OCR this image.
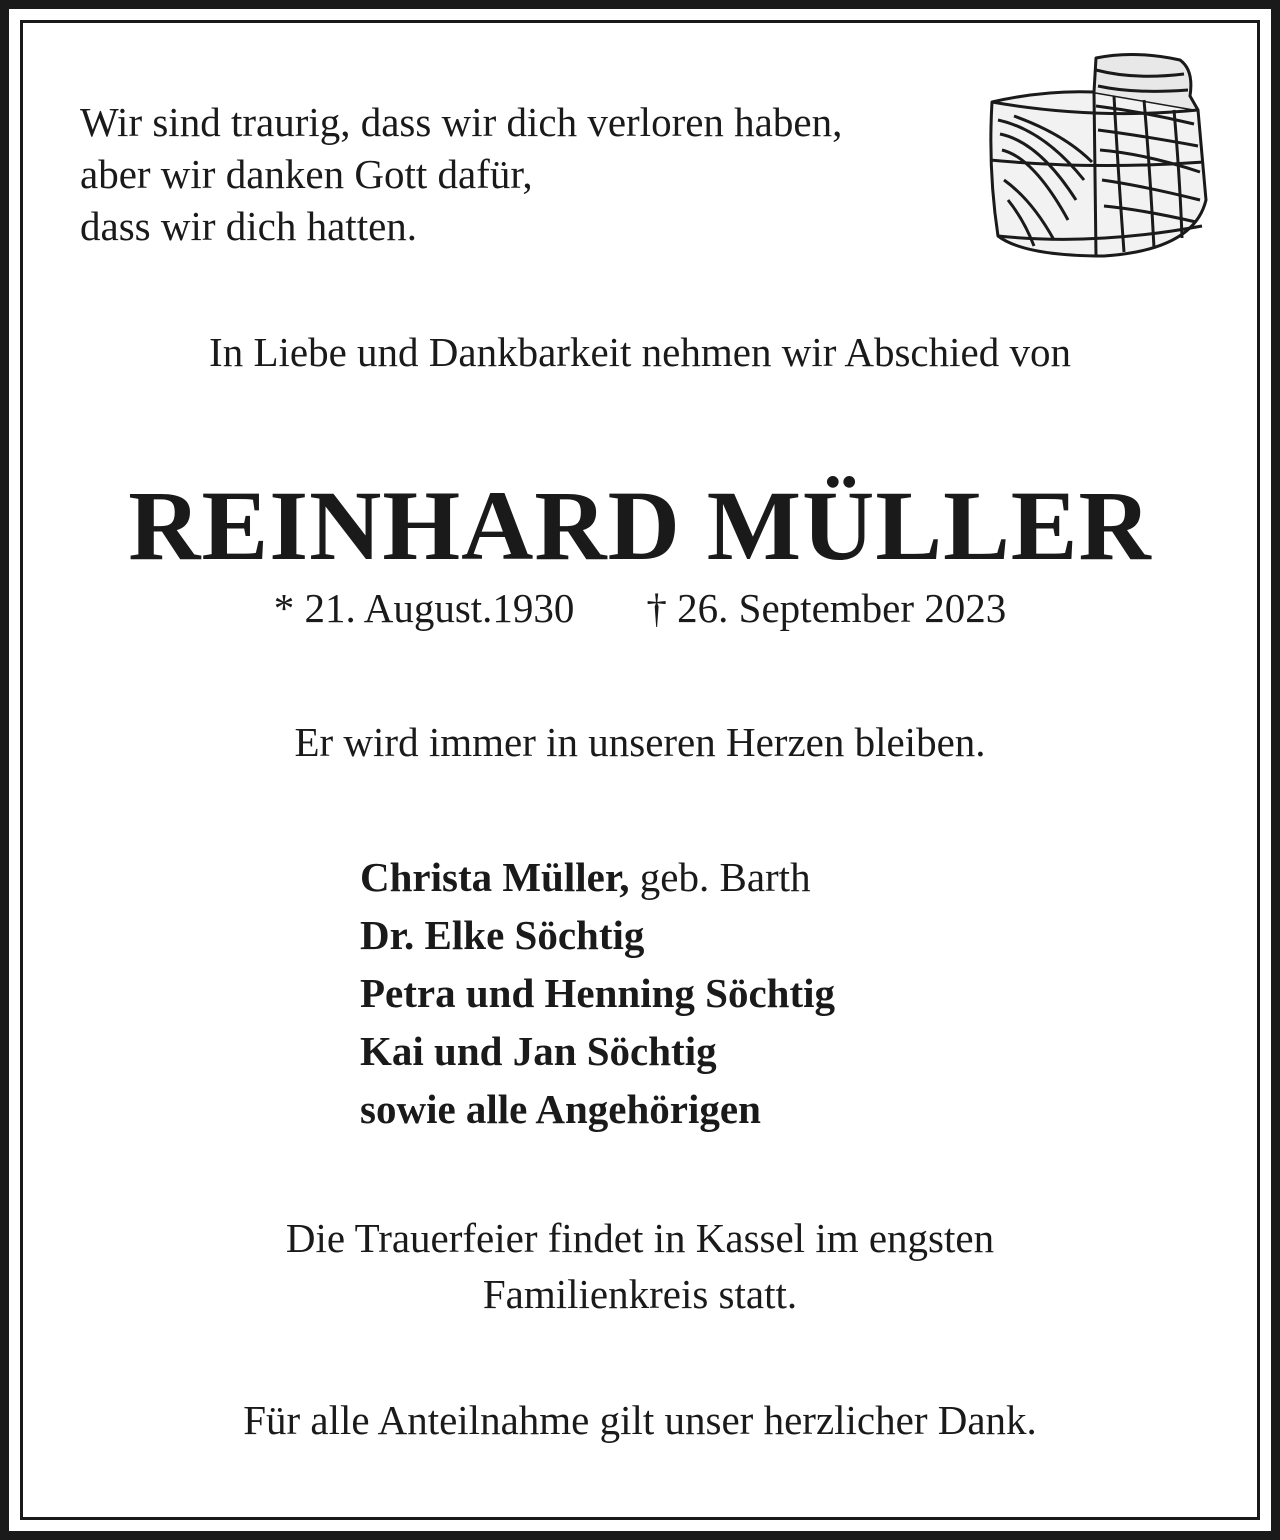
Wir sind traurig, dass wir dich verloren haben,
aber wir danken Gott dafür,
dass wir dich hatten.
In Liebe und Dankbarkeit nehmen wir Abschied von
REINHARD MÜLLER
* 21. August.1930 † 26. September 2023
Er wird immer in unseren Herzen bleiben.
Christa Müller, geb. Barth
Dr. Elke Söchtig
Petra und Henning Söchtig
Kai und Jan Söchtig
sowie alle Angehörigen
Die Trauerfeier findet in Kassel im engsten
Familienkreis statt.
Für alle Anteilnahme gilt unser herzlicher Dank.
